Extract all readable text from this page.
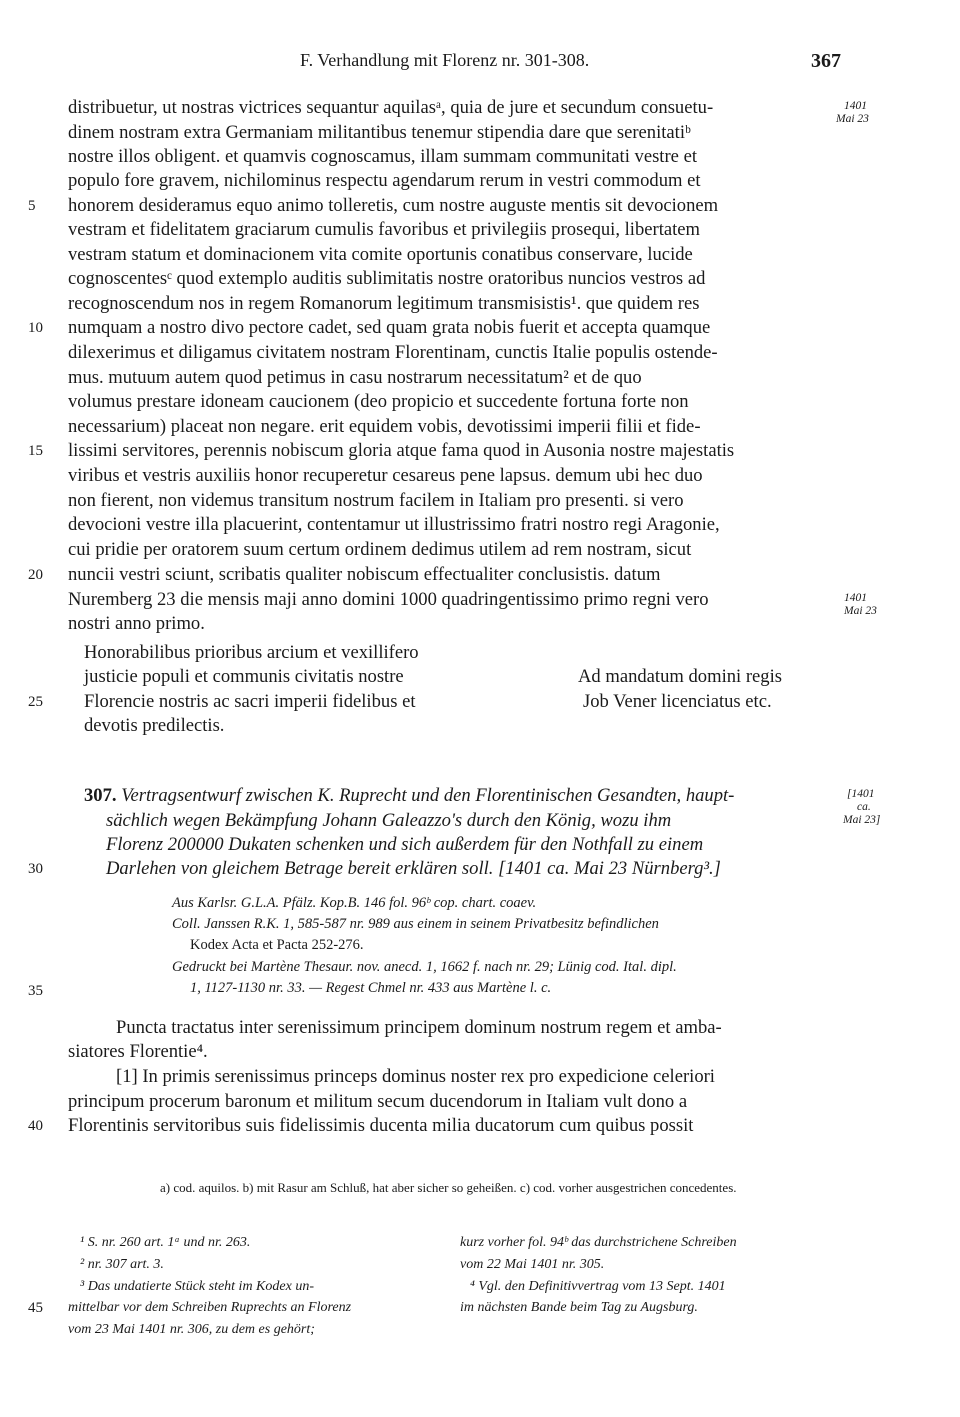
F. Verhandlung mit Florenz nr. 301-308.	367
distribuetur, ut nostras victrices sequantur aquilasᵃ, quia de jure et secundum consuetu-
dinem nostram extra Germaniam militantibus tenemur stipendia dare que serenitatiᵇ
nostre illos obligent. et quamvis cognoscamus, illam summam communitati vestre et
populo fore gravem, nichilominus respectu agendarum rerum in vestri commodum et
honorem desideramus equo animo tolleretis, cum nostre auguste mentis sit devocionem
vestram et fidelitatem graciarum cumulis favoribus et privilegiis prosequi, libertatem
vestram statum et dominacionem vita comite oportunis conatibus conservare, lucide
cognoscentesᶜ quod extemplo auditis sublimitatis nostre oratoribus nuncios vestros ad
recognoscendum nos in regem Romanorum legitimum transmisistis¹. que quidem res
numquam a nostro divo pectore cadet, sed quam grata nobis fuerit et accepta quamque
dilexerimus et diligamus civitatem nostram Florentinam, cunctis Italie populis ostende-
mus. mutuum autem quod petimus in casu nostrarum necessitatum² et de quo
volumus prestare idoneam caucionem (deo propicio et succedente fortuna forte non
necessarium) placeat non negare. erit equidem vobis, devotissimi imperii filii et fide-
lissimi servitores, perennis nobiscum gloria atque fama quod in Ausonia nostre majestatis
viribus et vestris auxiliis honor recuperetur cesareus pene lapsus. demum ubi hec duo
non fierent, non videmus transitum nostrum facilem in Italiam pro presenti. si vero
devocioni vestre illa placuerint, contentamur ut illustrissimo fratri nostro regi Aragonie,
cui pridie per oratorem suum certum ordinem dedimus utilem ad rem nostram, sicut
nuncii vestri sciunt, scribatis qualiter nobiscum effectualiter conclusistis. datum
Nuremberg 23 die mensis maji anno domini 1000 quadringentissimo primo regni vero
nostri anno primo.
Honorabilibus prioribus arcium et vexillifero
justicie populi et communis civitatis nostre
Florencie nostris ac sacri imperii fidelibus et
devotis predilectis.
Ad mandatum domini regis
Job Vener licenciatus etc.
5
10
15
20
25
30
35
40
45
1401
Mai 23
1401
Mai 23
[1401
ca.
Mai 23]
307. Vertragsentwurf zwischen K. Ruprecht und den Florentinischen Gesandten, haupt-
sächlich wegen Bekämpfung Johann Galeazzo's durch den König, wozu ihm
Florenz 200000 Dukaten schenken und sich außerdem für den Nothfall zu einem
Darlehen von gleichem Betrage bereit erklären soll. [1401 ca. Mai 23 Nürnberg³.]
Aus Karlsr. G.L.A. Pfälz. Kop.B. 146 fol. 96ᵇ cop. chart. coaev.
Coll. Janssen R.K. 1, 585-587 nr. 989 aus einem in seinem Privatbesitz befindlichen
Kodex Acta et Pacta 252-276.
Gedruckt bei Martène Thesaur. nov. anecd. 1, 1662 f. nach nr. 29; Lünig cod. Ital. dipl.
1, 1127-1130 nr. 33. — Regest Chmel nr. 433 aus Martène l. c.
Puncta tractatus inter serenissimum principem dominum nostrum regem et amba-
siatores Florentie⁴.
[1] In primis serenissimus princeps dominus noster rex pro expedicione celeriori
principum procerum baronum et militum secum ducendorum in Italiam vult dono a
Florentinis servitoribus suis fidelissimis ducenta milia ducatorum cum quibus possit
a) cod. aquilos. b) mit Rasur am Schluß, hat aber sicher so geheißen. c) cod. vorher ausgestrichen concedentes.
¹ S. nr. 260 art. 1ᵃ und nr. 263.
² nr. 307 art. 3.
³ Das undatierte Stück steht im Kodex un-
mittelbar vor dem Schreiben Ruprechts an Florenz
vom 23 Mai 1401 nr. 306, zu dem es gehört;
kurz vorher fol. 94ᵇ das durchstrichene Schreiben
vom 22 Mai 1401 nr. 305.
⁴ Vgl. den Definitivvertrag vom 13 Sept. 1401
im nächsten Bande beim Tag zu Augsburg.
